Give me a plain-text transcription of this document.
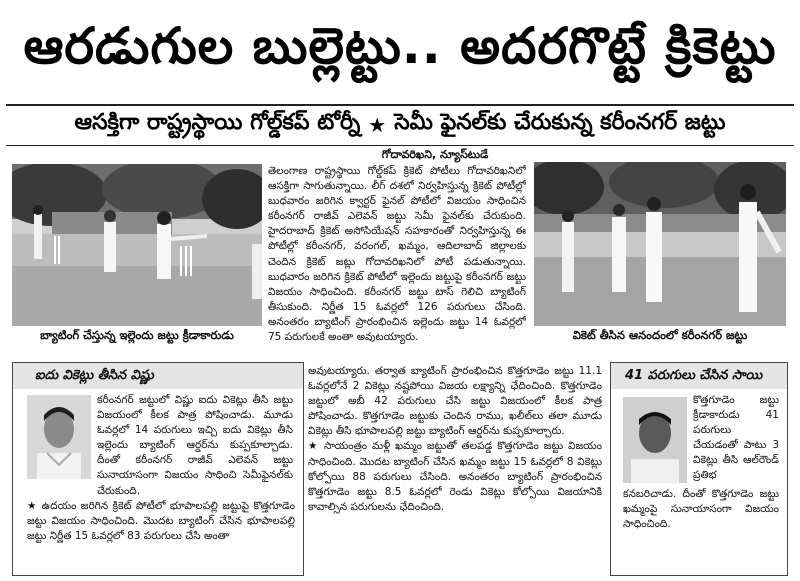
ఆరడుగుల బుల్లెట్టు.. అదరగొట్టే క్రికెట్టు
ఆసక్తిగా రాష్ట్రస్థాయి గోల్డ్‌కప్ టోర్నీ ★ సెమీ ఫైనల్‌కు చేరుకున్న కరీంనగర్ జట్టు
గోదావరిఖని, న్యూస్‌టుడే
బ్యాటింగ్ చేస్తున్న ఇల్లెందు జట్టు క్రీడాకారుడు
తెలంగాణ రాష్ట్రస్థాయి గోల్డ్‌కప్ క్రికెట్ పోటీలు గోదావరిఖనిలో ఆసక్తిగా సాగుతున్నాయి. లీగ్ దశలో నిర్వహిస్తున్న క్రికెట్ పోటీల్లో బుధవారం జరిగిన క్వార్టర్ ఫైనల్ పోటీలో విజయం సాధించిన కరీంనగర్ రాజీవ్ ఎలెవన్ జట్టు సెమీ ఫైనల్‌కు చేరుకుంది. హైదరాబాద్ క్రికెట్ అసోసియేషన్ సహకారంతో నిర్వహిస్తున్న ఈ పోటీల్లో కరీంనగర్, వరంగల్, ఖమ్మం, ఆదిలాబాద్ జిల్లాలకు చెందిన క్రికెట్ జట్లు గోదావరిఖనిలో పోటీ పడుతున్నాయి. బుధవారం జరిగిన క్రికెట్ పోటీలో ఇల్లెందు జట్టుపై కరీంనగర్ జట్టు విజయం సాధించింది. కరీంనగర్ జట్టు టాస్ గెలిచి బ్యాటింగ్ తీసుకుంది. నిర్ణీత 15 ఓవర్లలో 126 పరుగులు చేసింది. అనంతరం బ్యాటింగ్ ప్రారంభించిన ఇల్లెందు జట్టు 14 ఓవర్లలో 75 పరుగులకే అంతా అవుటయ్యారు.	వికెట్ తీసిన ఆనందంలో కరీంనగర్ జట్టు
ఐదు వికెట్లు తీసిన విష్ణు
కరీంనగర్ జట్టులో విష్ణు ఐదు వికెట్లు తీసి జట్టు విజయంలో కీలక పాత్ర పోషించాడు. మూడు ఓవర్లలో 14 పరుగులు ఇచ్చి ఐదు వికెట్లు తీసి ఇల్లెందు బ్యాటింగ్ ఆర్డర్‌ను కుప్పకూల్చాడు. దీంతో కరీంనగర్ రాజీవ్ ఎలెవన్ జట్టు సునాయాసంగా విజయం సాధించి సెమీఫైనల్‌కు చేరుకుంది.
★ ఉదయం జరిగిన క్రికెట్ పోటీలో భూపాలపల్లి జట్టుపై కొత్తగూడెం జట్టు విజయం సాధించింది. మొదట బ్యాటింగ్ చేసిన భూపాలపల్లి జట్టు నిర్ణీత 15 ఓవర్లలో 83 పరుగులు చేసి అంతా

అవుటయ్యారు. తర్వాత బ్యాటింగ్ ప్రారంభించిన కొత్తగూడెం జట్టు 11.1 ఓవర్లలోనే 2 వికెట్లు నష్టపోయి విజయ లక్ష్యాన్ని ఛేదించింది. కొత్తగూడెం జట్టులో అబీ 42 పరుగులు చేసి జట్టు విజయంలో కీలక పాత్ర పోషించాడు. కొత్తగూడెం జట్టుకు చెందిన రాము, ఖలీల్‌లు తలా మూడు వికెట్లు తీసి భూపాలపల్లి జట్టు బ్యాటింగ్ ఆర్డర్‌ను కుప్పకూల్చారు.

★ సాయంత్రం మళ్లీ ఖమ్మం జట్టుతో తలపడ్డ కొత్తగూడెం జట్టు విజయం సాధించింది. మొదట బ్యాటింగ్ చేసిన ఖమ్మం జట్టు 15 ఓవర్లలో 8 వికెట్లు కోల్పోయి 88 పరుగులు చేసింది. అనంతరం బ్యాటింగ్ ప్రారంభించిన కొత్తగూడెం జట్టు 8.5 ఓవర్లలో రెండు వికెట్లు కోల్పోయి విజయానికి కావాల్సిన పరుగులను ఛేదించింది.

41 పరుగులు చేసిన సాయి
కొత్తగూడెం జట్టు క్రీడాకారుడు 41 పరుగులు చేయడంతో పాటు 3 వికెట్లు తీసి ఆల్‌రౌండ్ ప్రతిభ
కనబరిచాడు. దీంతో కొత్తగూడెం జట్టు ఖమ్మంపై సునాయాసంగా విజయం సాధించింది.
